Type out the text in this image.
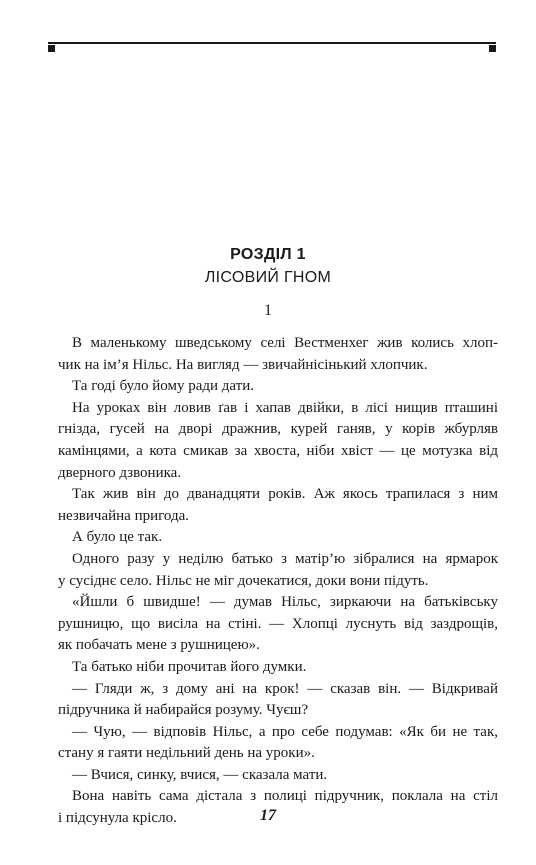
РОЗДІЛ 1
ЛІСОВИЙ ГНОМ
1
В маленькому шведському селі Вестменхег жив колись хлоп-
чик на ім’я Нільс. На вигляд — звичайнісінький хлопчик.
Та годі було йому ради дати.
На уроках він ловив ґав і хапав двійки, в лісі нищив пташині
гнізда, гусей на дворі дражнив, курей ганяв, у корів жбурляв
камінцями, а кота смикав за хвоста, ніби хвіст — це мотузка від
дверного дзвоника.
Так жив він до дванадцяти років. Аж якось трапилася з ним
незвичайна пригода.
А було це так.
Одного разу у неділю батько з матір’ю зібралися на ярмарок
у сусіднє село. Нільс не міг дочекатися, доки вони підуть.
«Йшли б швидше! — думав Нільс, зиркаючи на батьківську
рушницю, що висіла на стіні. — Хлопці луснуть від заздрощів,
як побачать мене з рушницею».
Та батько ніби прочитав його думки.
— Гляди ж, з дому ані на крок! — сказав він. — Відкривай
підручника й набирайся розуму. Чуєш?
— Чую, — відповів Нільс, а про себе подумав: «Як би не так,
стану я гаяти недільний день на уроки».
— Вчися, синку, вчися, — сказала мати.
Вона навіть сама дістала з полиці підручник, поклала на стіл
і підсунула крісло.	17
